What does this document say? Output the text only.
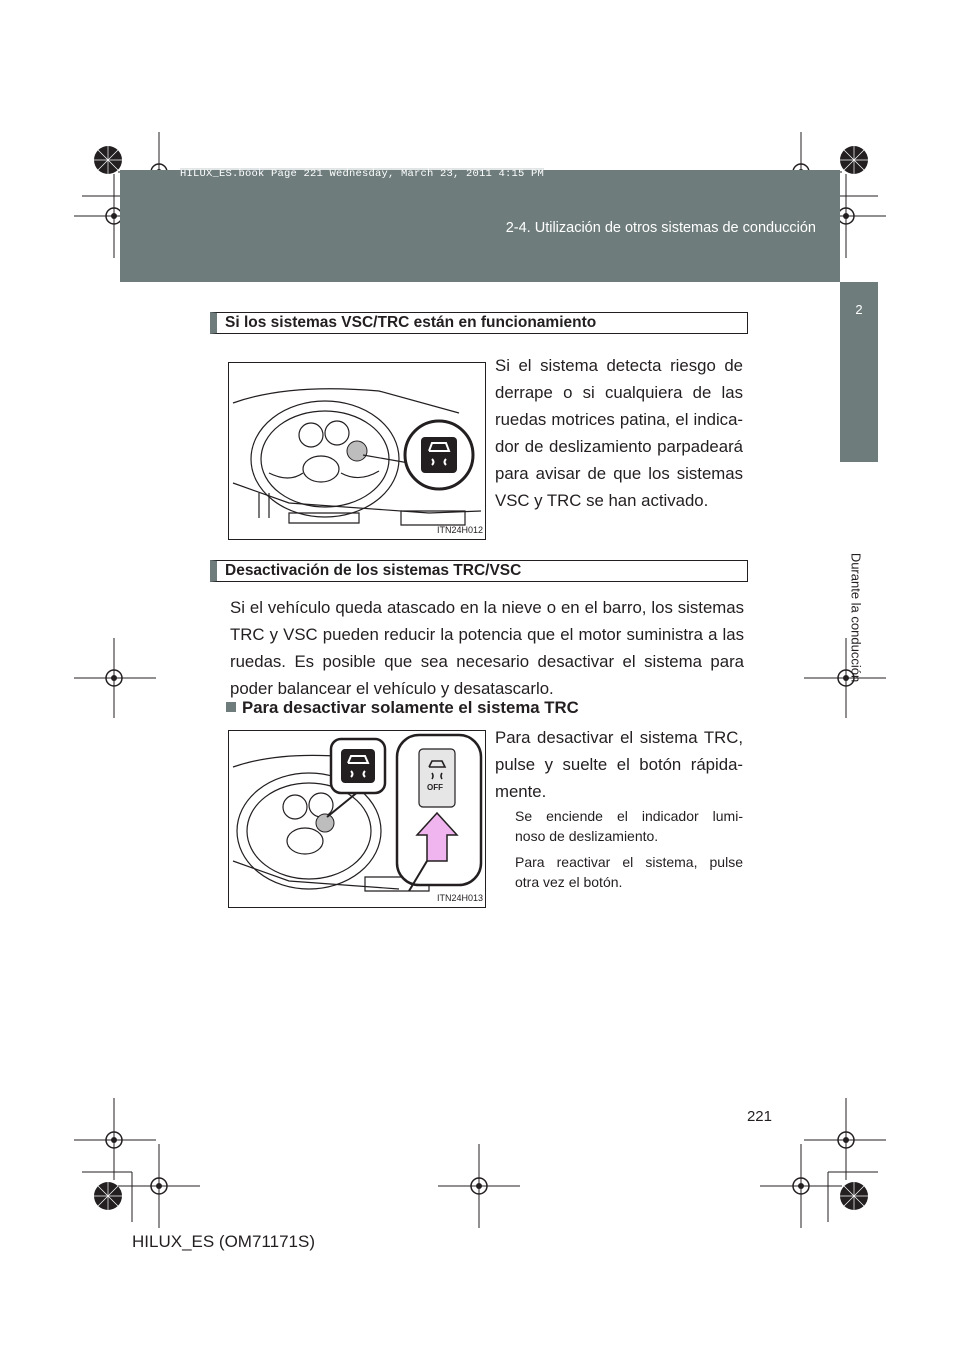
HILUX_ES.book Page 221 Wednesday, March 23, 2011 4:15 PM
2-4. Utilización de otros sistemas de conducción
2
Durante la conducción
Si los sistemas VSC/TRC están en funcionamiento
ITN24H012
Si el sistema detecta riesgo de
derrape o si cualquiera de las
ruedas motrices patina, el indica-
dor de deslizamiento parpadeará
para avisar de que los sistemas
VSC y TRC se han activado.
Desactivación de los sistemas TRC/VSC
Si el vehículo queda atascado en la nieve o en el barro, los sistemas
TRC y VSC pueden reducir la potencia que el motor suministra a las
ruedas. Es posible que sea necesario desactivar el sistema para
poder balancear el vehículo y desatascarlo.
Para desactivar solamente el sistema TRC
OFF
ITN24H013
Para desactivar el sistema TRC,
pulse y suelte el botón rápida-
mente.
Se enciende el indicador lumi-
noso de deslizamiento.
Para reactivar el sistema, pulse
otra vez el botón.
221
HILUX_ES (OM71171S)
